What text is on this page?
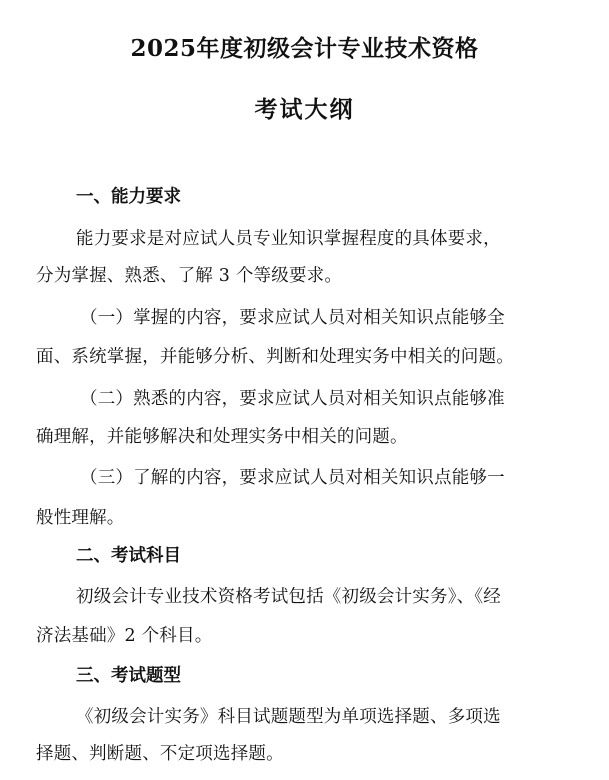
2025年度初级会计专业技术资格
考试大纲
一、能力要求
能力要求是对应试人员专业知识掌握程度的具体要求，
分为掌握、熟悉、了解 3 个等级要求。
（一）掌握的内容，要求应试人员对相关知识点能够全
面、系统掌握，并能够分析、判断和处理实务中相关的问题。
（二）熟悉的内容，要求应试人员对相关知识点能够准
确理解，并能够解决和处理实务中相关的问题。
（三）了解的内容，要求应试人员对相关知识点能够一
般性理解。
二、考试科目
初级会计专业技术资格考试包括《初级会计实务》、《经
济法基础》2 个科目。
三、考试题型
《初级会计实务》科目试题题型为单项选择题、多项选
择题、判断题、不定项选择题。
